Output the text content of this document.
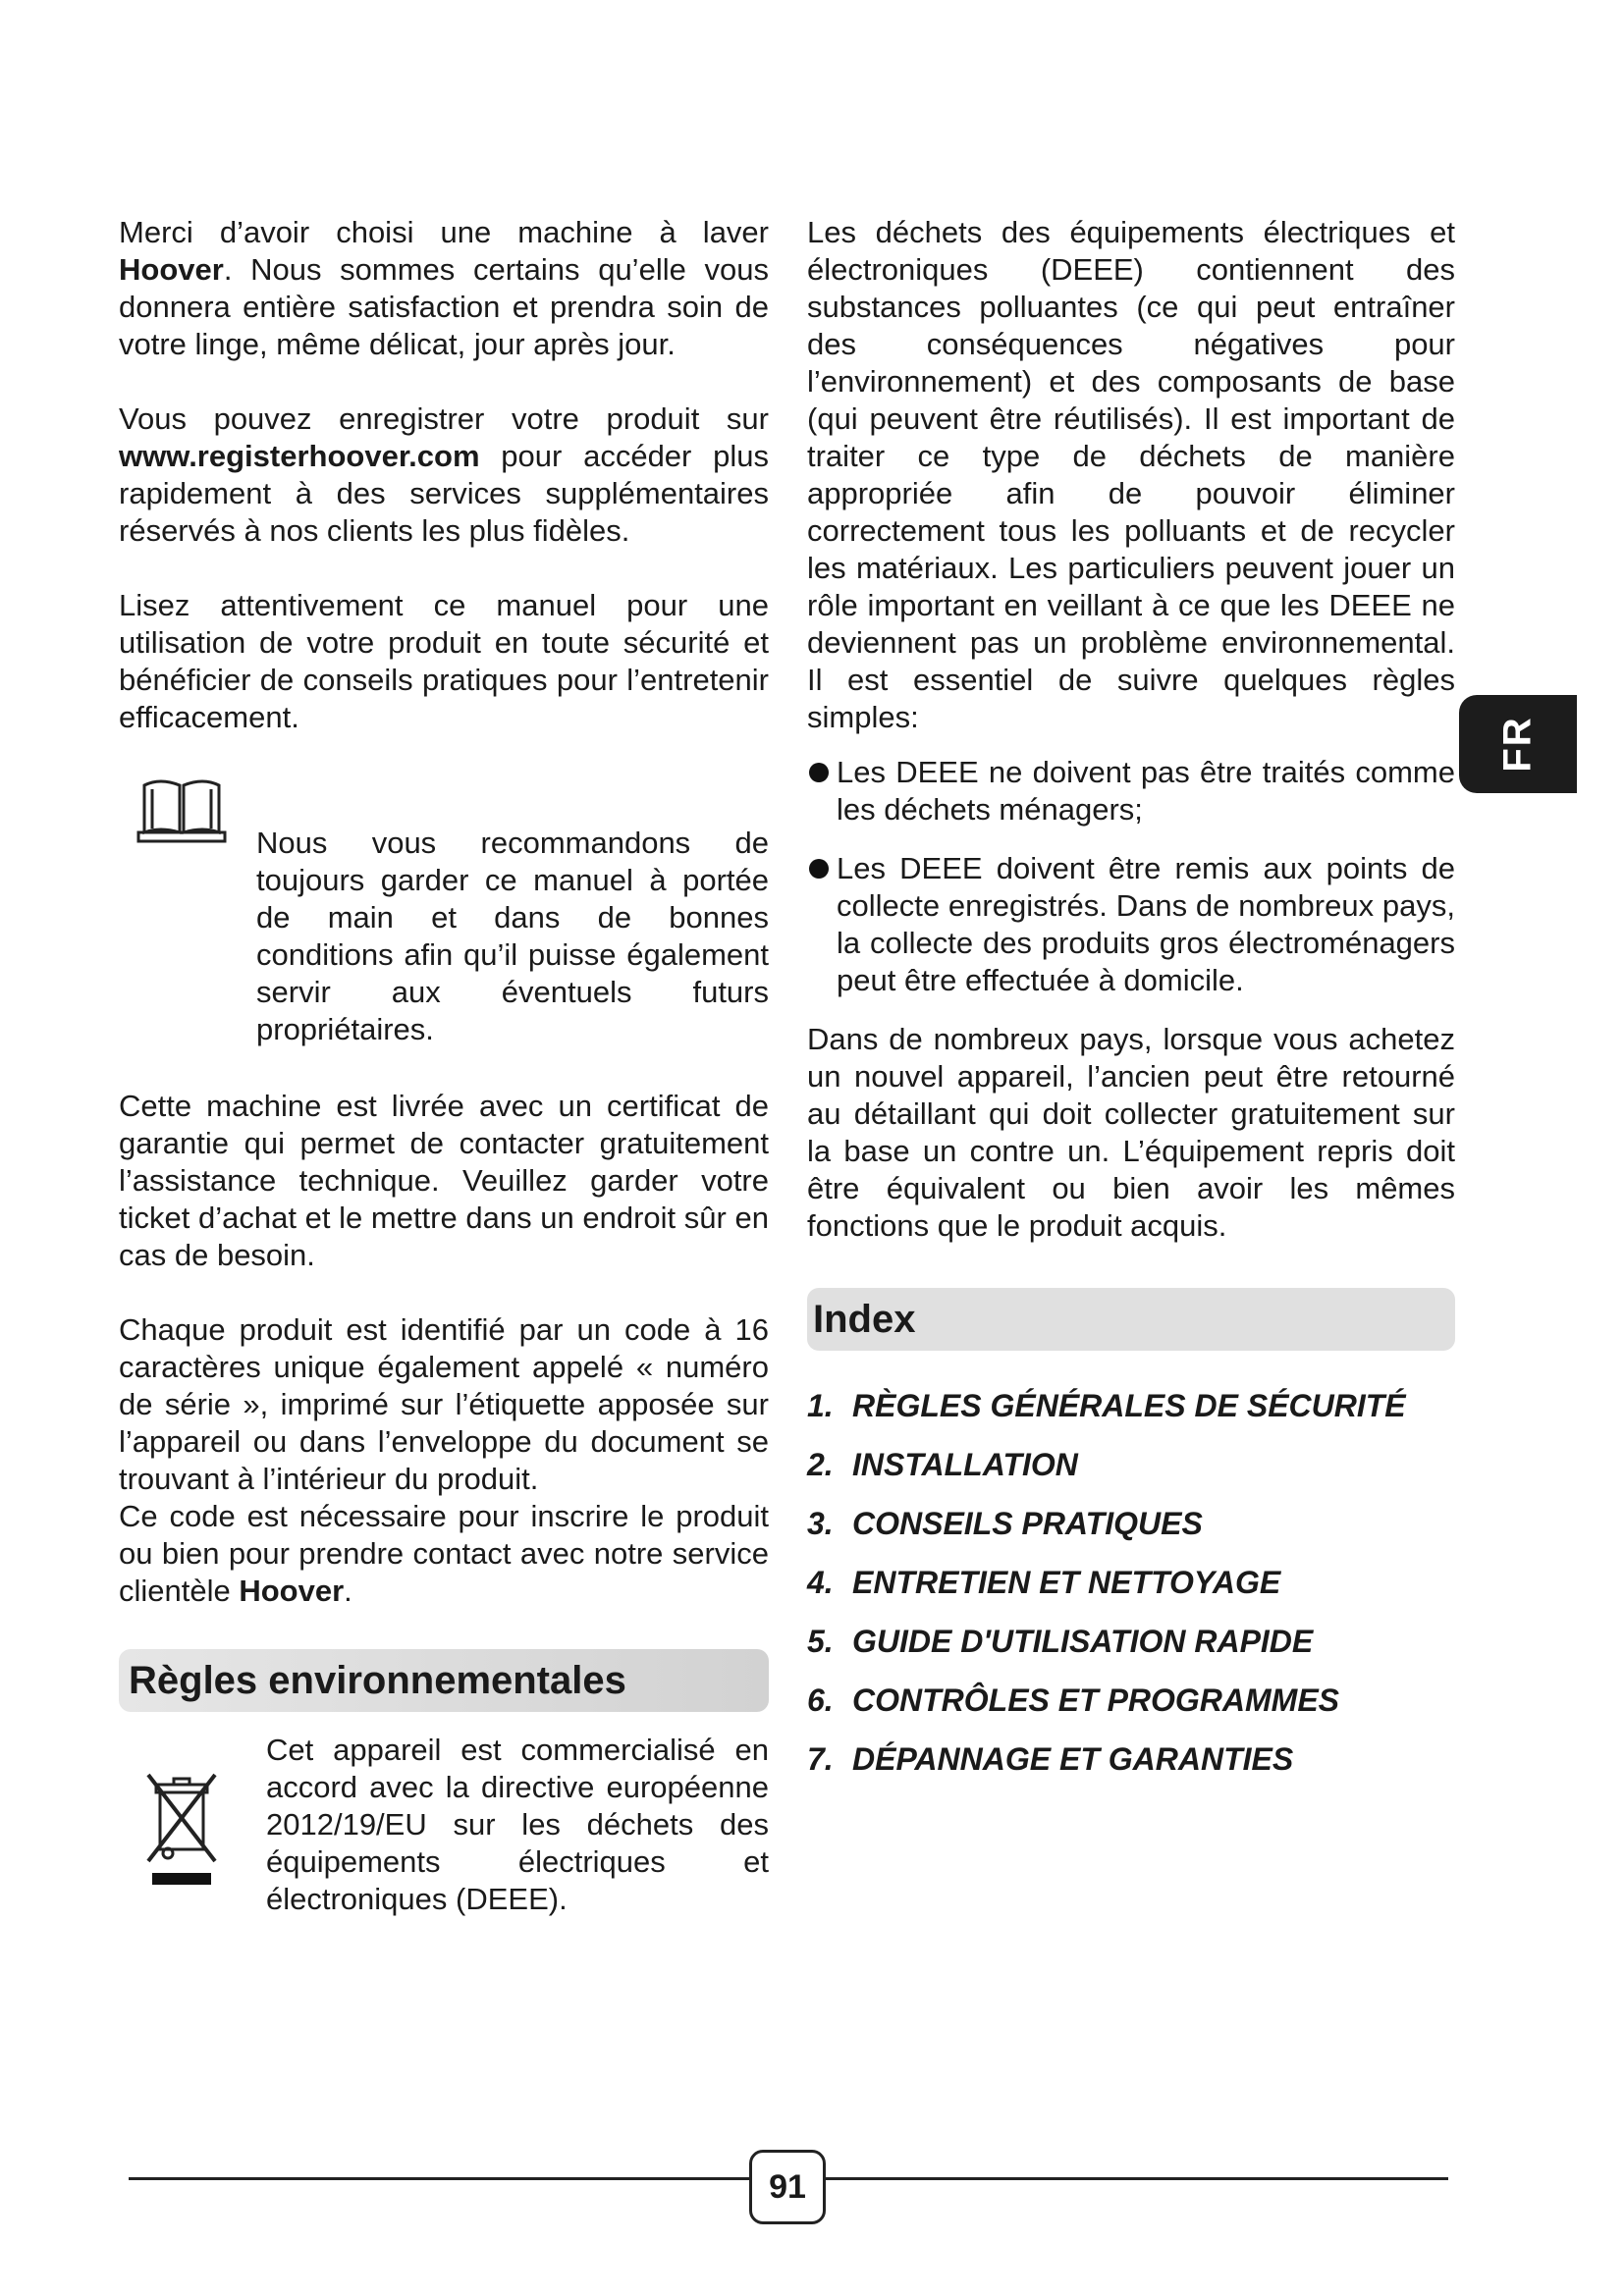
Merci d’avoir choisi une machine à laver Hoover. Nous sommes certains qu’elle vous donnera entière satisfaction et prendra soin de votre linge, même délicat, jour après jour.

Vous pouvez enregistrer votre produit sur www.registerhoover.com pour accéder plus rapidement à des services supplémentaires réservés à nos clients les plus fidèles.

Lisez attentivement ce manuel pour une utilisation de votre produit en toute sécurité et bénéficier de conseils pratiques pour l’entretenir efficacement.

Nous vous recommandons de toujours garder ce manuel à portée de main et dans de bonnes conditions afin qu’il puisse également servir aux éventuels futurs propriétaires.

Cette machine est livrée avec un certificat de garantie qui permet de contacter gratuitement l’assistance technique. Veuillez garder votre ticket d’achat et le mettre dans un endroit sûr en cas de besoin.

Chaque produit est identifié par un code à 16 caractères unique également appelé « numéro de série », imprimé sur l’étiquette apposée sur l’appareil ou dans l’enveloppe du document se trouvant à l’intérieur du produit.

Ce code est nécessaire pour inscrire le produit ou bien pour prendre contact avec notre service clientèle Hoover.

Règles environnementales

Cet appareil est commercialisé en accord avec la directive européenne 2012/19/EU sur les déchets des équipements électriques et électroniques (DEEE).

Les déchets des équipements électriques et électroniques (DEEE) contiennent des substances polluantes (ce qui peut entraîner des conséquences négatives pour l’environnement) et des composants de base (qui peuvent être réutilisés). Il est important de traiter ce type de déchets de manière appropriée afin de pouvoir éliminer correctement tous les polluants et de recycler les matériaux. Les particuliers peuvent jouer un rôle important en veillant à ce que les DEEE ne deviennent pas un problème environnemental. Il est essentiel de suivre quelques règles simples:

Les DEEE ne doivent pas être traités comme les déchets ménagers;

Les DEEE doivent être remis aux points de collecte enregistrés. Dans de nombreux pays, la collecte des produits gros électroménagers peut être effectuée à domicile.

Dans de nombreux pays, lorsque vous achetez un nouvel appareil, l’ancien peut être retourné au détaillant qui doit collecter gratuitement sur la base un contre un. L’équipement repris doit être équivalent ou bien avoir les mêmes fonctions que le produit acquis.

Index
1. RÈGLES GÉNÉRALES DE SÉCURITÉ
2. INSTALLATION
3. CONSEILS PRATIQUES
4. ENTRETIEN ET NETTOYAGE
5. GUIDE D'UTILISATION RAPIDE
6. CONTRÔLES ET PROGRAMMES
7. DÉPANNAGE ET GARANTIES
FR
91
